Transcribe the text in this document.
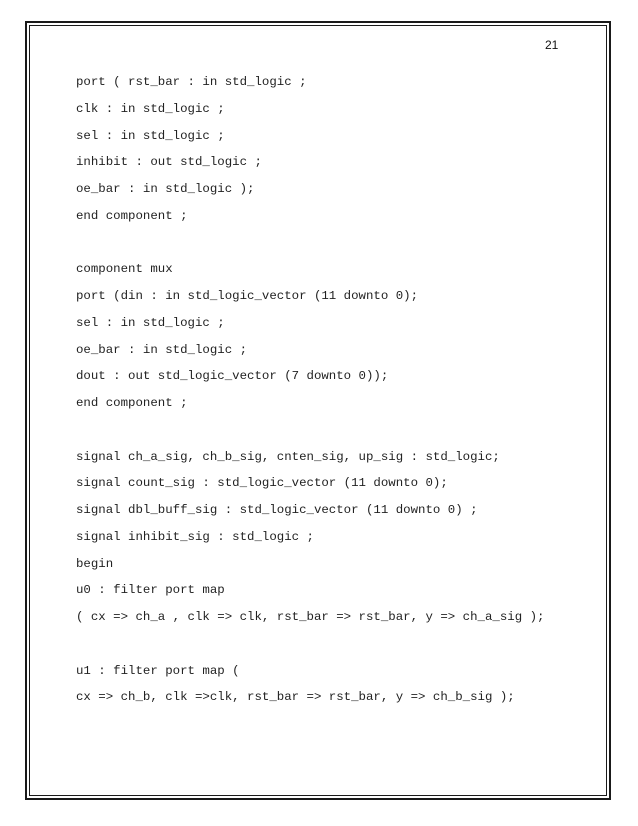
21
port ( rst_bar : in std_logic ;
clk : in std_logic ;
sel : in std_logic ;
inhibit : out std_logic ;
oe_bar : in std_logic );
end component ;
component mux
port (din : in std_logic_vector (11 downto 0);
sel : in std_logic ;
oe_bar : in std_logic ;
dout : out std_logic_vector (7 downto 0));
end component ;
signal ch_a_sig, ch_b_sig, cnten_sig, up_sig : std_logic;
signal count_sig : std_logic_vector (11 downto 0);
signal dbl_buff_sig : std_logic_vector (11 downto 0) ;
signal inhibit_sig : std_logic ;
begin
u0 : filter port map
( cx => ch_a , clk => clk, rst_bar => rst_bar, y => ch_a_sig );
u1 : filter port map (
cx => ch_b, clk =>clk, rst_bar => rst_bar, y => ch_b_sig );
